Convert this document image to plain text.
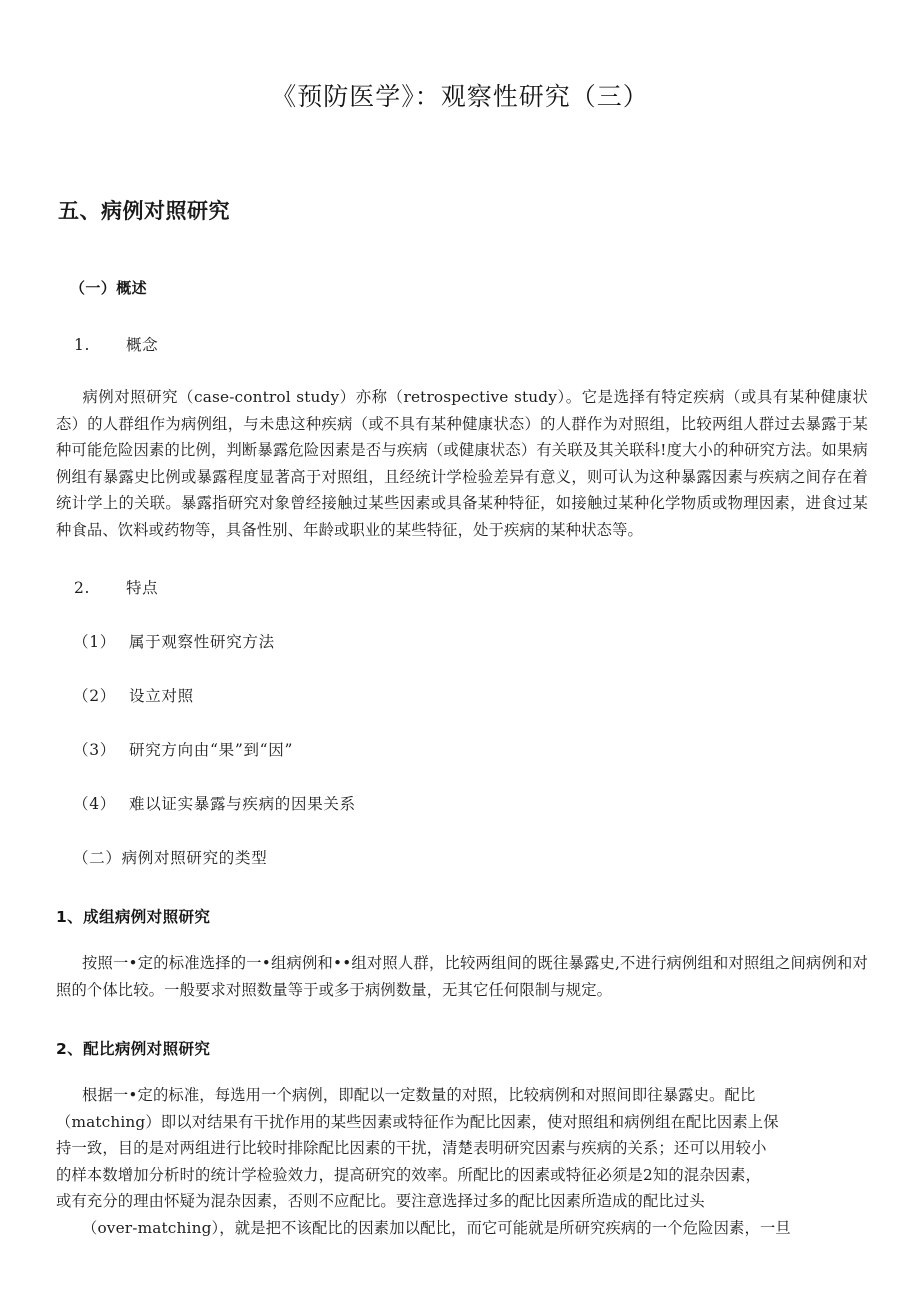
《预防医学》：观察性研究（三）
五、病例对照研究
（一）概述

1. 概念

病例对照研究（case-control study）亦称（retrospective study）。它是选择有特定疾病（或具有某种健康状态）的人群组作为病例组，与未患这种疾病（或不具有某种健康状态）的人群作为对照组，比较两组人群过去暴露于某种可能危险因素的比例，判断暴露危险因素是否与疾病（或健康状态）有关联及其关联科!度大小的种研究方法。如果病例组有暴露史比例或暴露程度显著高于对照组，且经统计学检验差异有意义，则可认为这种暴露因素与疾病之间存在着统计学上的关联。暴露指研究对象曾经接触过某些因素或具备某种特征，如接触过某种化学物质或物理因素，进食过某种食品、饮料或药物等，具备性别、年龄或职业的某些特征，处于疾病的某种状态等。

2. 特点

（1） 属于观察性研究方法

（2） 设立对照

（3） 研究方向由“果”到“因”

（4） 难以证实暴露与疾病的因果关系

（二）病例对照研究的类型

1、成组病例对照研究

按照一•定的标准选择的一•组病例和••组对照人群，比较两组间的既往暴露史,不进行病例组和对照组之间病例和对照的个体比较。一般要求对照数量等于或多于病例数量，无其它任何限制与规定。

2、配比病例对照研究

根据一•定的标准，每选用一个病例，即配以一定数量的对照，比较病例和对照间即往暴露史。配比
（matching）即以对结果有干扰作用的某些因素或特征作为配比因素，使对照组和病例组在配比因素上保
持一致，目的是对两组进行比较时排除配比因素的干扰，清楚表明研究因素与疾病的关系；还可以用较小
的样本数增加分析时的统计学检验效力，提高研究的效率。所配比的因素或特征必须是2知的混杂因素，
或有充分的理由怀疑为混杂因素，否则不应配比。要注意选择过多的配比因素所造成的配比过头
（over-matching），就是把不该配比的因素加以配比，而它可能就是所研究疾病的一个危险因素，一旦
